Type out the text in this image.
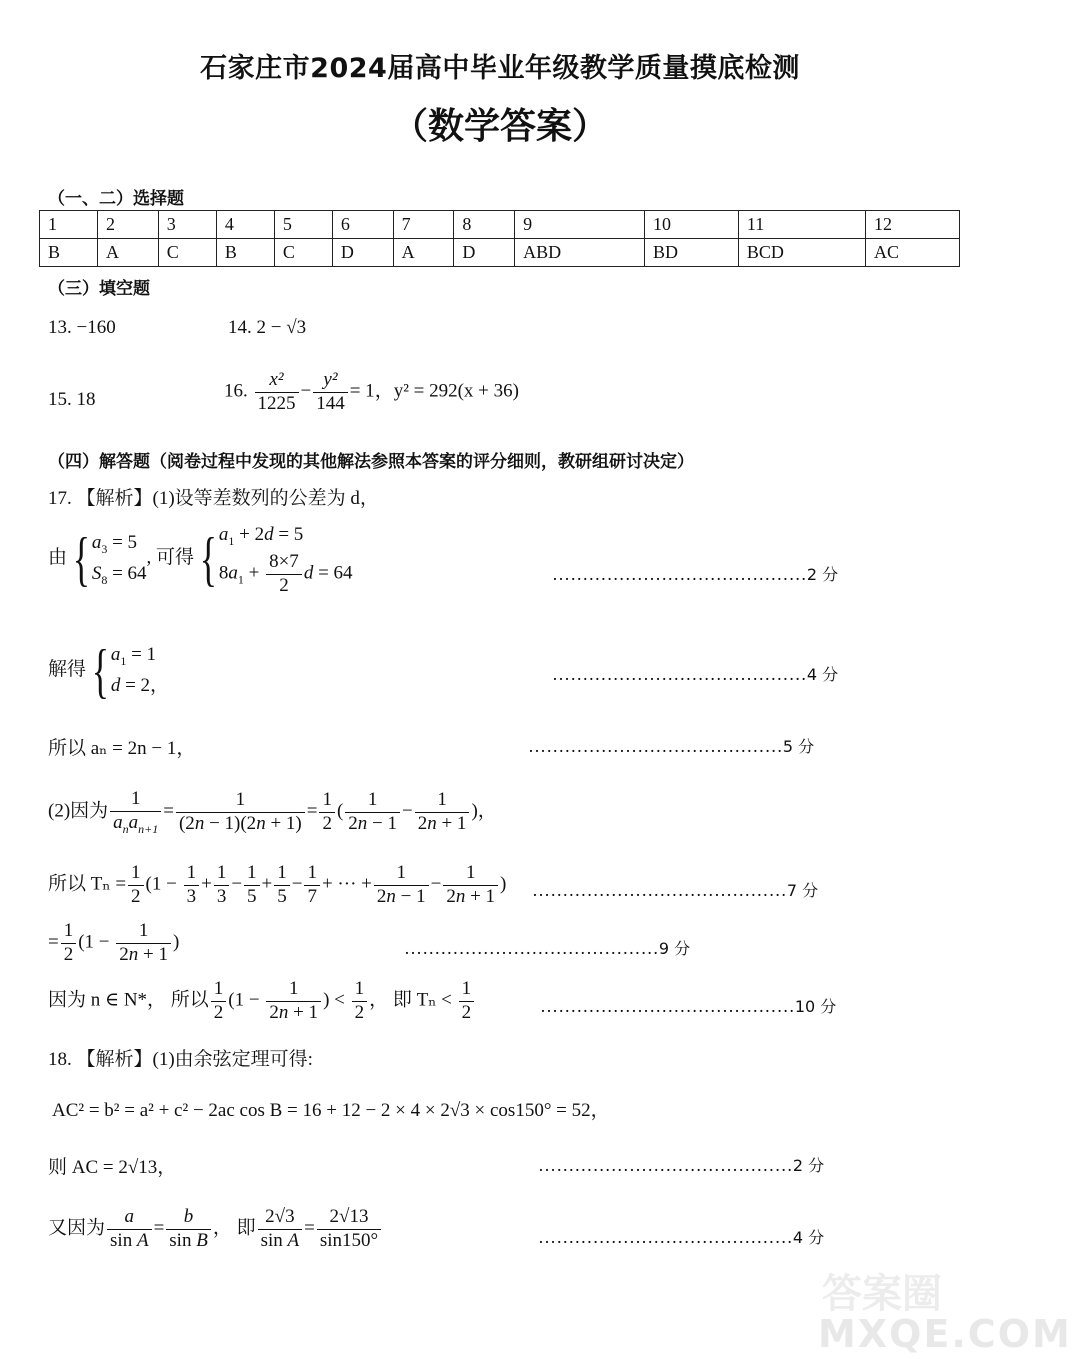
石家庄市2024届高中毕业年级教学质量摸底检测
（数学答案）
（一、二）选择题
1	2	3	4	5	6	7	8	9	10	11	12
B	A	C	B	C	D	A	D	ABD	BD	BCD	AC
（三）填空题
13. −160	14. 2 − √3
15. 18	16. $\frac{\text{x²}}{1225} - \frac{\text{y²}}{144} = 1$，y² = 292(x + 36)
（四）解答题（阅卷过程中发现的其他解法参照本答案的评分细则，教研组研讨决定）
17. 【解析】(1)设等差数列的公差为 d，
由{ $a_3 = 5$
$S_8 = 64$
, 可得{ $a_1 + 2d = 5$
$8a_1 + \frac{8\times 7}{2}$ d = 64	……………………………………2 分
解得{ $a_1 = 1$
d = 2，
……………………………………4 分
所以 aₙ = 2n − 1，	……………………………………5 分
(2)因为 $\frac{1}{a_na_{n+1}} = \frac{1}{(2n - 1)(2n + 1)} = \frac{1}{2}$ ( $\frac{1}{2n - 1} - \frac{1}{2n + 1}$ )，
所以 $T_n = \frac{1}{2} (1 - \frac{1}{3} + \frac{1}{3} - \frac{1}{5} + \frac{1}{5} - \frac{1}{7}$ + ··· + $\frac{1}{2n - 1} - \frac{1}{2n + 1}$ ) ……………………………………7 分
= $\frac{1}{2} (1 - \frac{1}{2n + 1}$ )	……………………………………9 分
因为 n ∈ N*， 所以 $\frac{1}{2} (1 - \frac{1}{2n + 1}$ ) < $\frac{1}{2}$ ， 即 $T_n < \frac{1}{2}$	……………………………………10 分
18. 【解析】(1)由余弦定理可得:
AC² = b² = a² + c² − 2ac cos B = 16 + 12 − 2 × 4 × 2√3 × cos150° = 52，
则 AC = 2√13，	……………………………………2 分
又因为 $\frac{a}{\text{sin A}} = \frac{b}{\text{sin B}}$ ， 即 $\frac{2√3}{\text{sin A}} = \frac{2√13}{\sin 150^\circ}$	……………………………………4 分
答案圈
MXQE.COM
